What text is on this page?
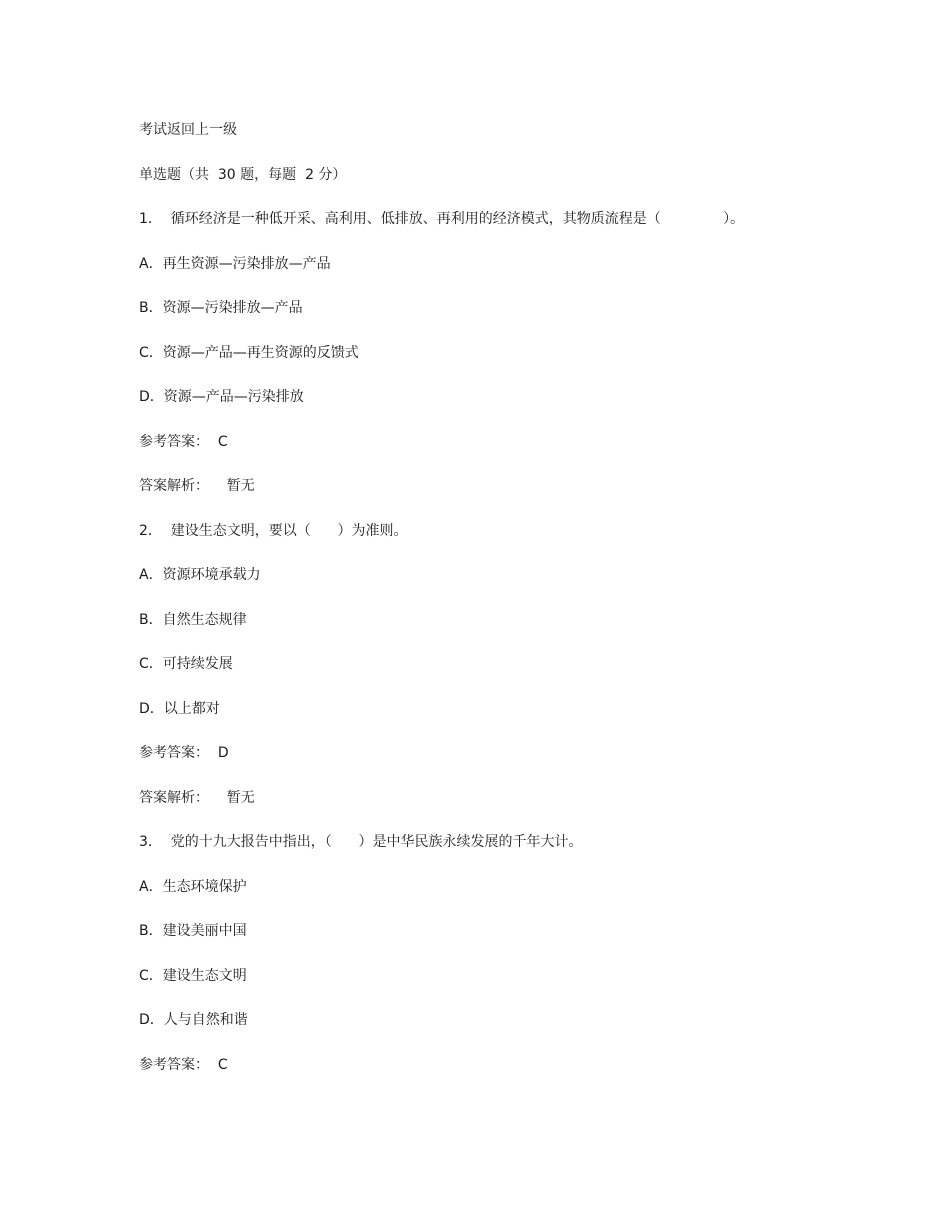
考试返回上一级
单选题（共  30 题，每题  2 分）
1．  循环经济是一种低开采、高利用、低排放、再利用的经济模式，其物质流程是（              ）。
A．再生资源—污染排放—产品
B．资源—污染排放—产品
C．资源—产品—再生资源的反馈式
D．资源—产品—污染排放
参考答案：  C
答案解析：    暂无
2．  建设生态文明，要以（      ）为准则。
A．资源环境承载力
B．自然生态规律
C．可持续发展
D．以上都对
参考答案：  D
答案解析：    暂无
3．  党的十九大报告中指出，（      ）是中华民族永续发展的千年大计。
A．生态环境保护
B．建设美丽中国
C．建设生态文明
D．人与自然和谐
参考答案：  C
